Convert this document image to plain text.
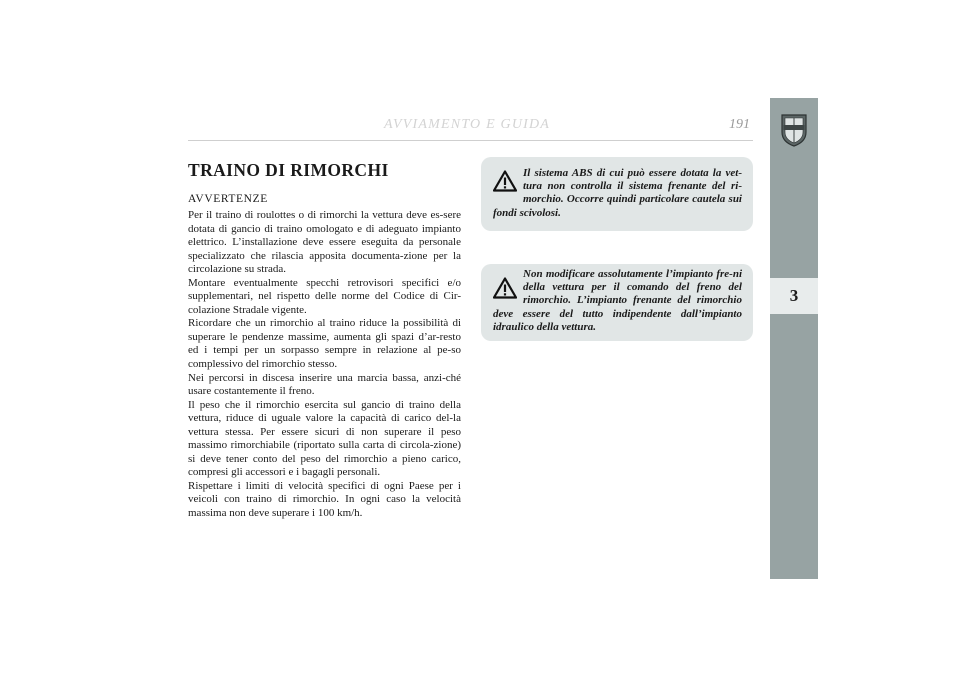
AVVIAMENTO E GUIDA	191
3
TRAINO DI RIMORCHI
AVVERTENZE

Per il traino di roulottes o di rimorchi la vettura deve es-sere dotata di gancio di traino omologato e di adeguato impianto elettrico. L’installazione deve essere eseguita da personale specializzato che rilascia apposita documenta-zione per la circolazione su strada.

Montare eventualmente specchi retrovisori specifici e/o supplementari, nel rispetto delle norme del Codice di Cir-colazione Stradale vigente.

Ricordare che un rimorchio al traino riduce la possibilità di superare le pendenze massime, aumenta gli spazi d’ar-resto ed i tempi per un sorpasso sempre in relazione al pe-so complessivo del rimorchio stesso.

Nei percorsi in discesa inserire una marcia bassa, anzi-ché usare costantemente il freno.

Il peso che il rimorchio esercita sul gancio di traino della vettura, riduce di uguale valore la capacità di carico del-la vettura stessa. Per essere sicuri di non superare il peso massimo rimorchiabile (riportato sulla carta di circola-zione) si deve tener conto del peso del rimorchio a pieno carico, compresi gli accessori e i bagagli personali.

Rispettare i limiti di velocità specifici di ogni Paese per i veicoli con traino di rimorchio. In ogni caso la velocità massima non deve superare i 100 km/h.

Il sistema ABS di cui può essere dotata la vet-tura non controlla il sistema frenante del ri-morchio. Occorre quindi particolare cautela sui fondi scivolosi.
Non modificare assolutamente l’impianto fre-ni della vettura per il comando del freno del rimorchio. L’impianto frenante del rimorchio deve essere del tutto indipendente dall’impianto idraulico della vettura.
